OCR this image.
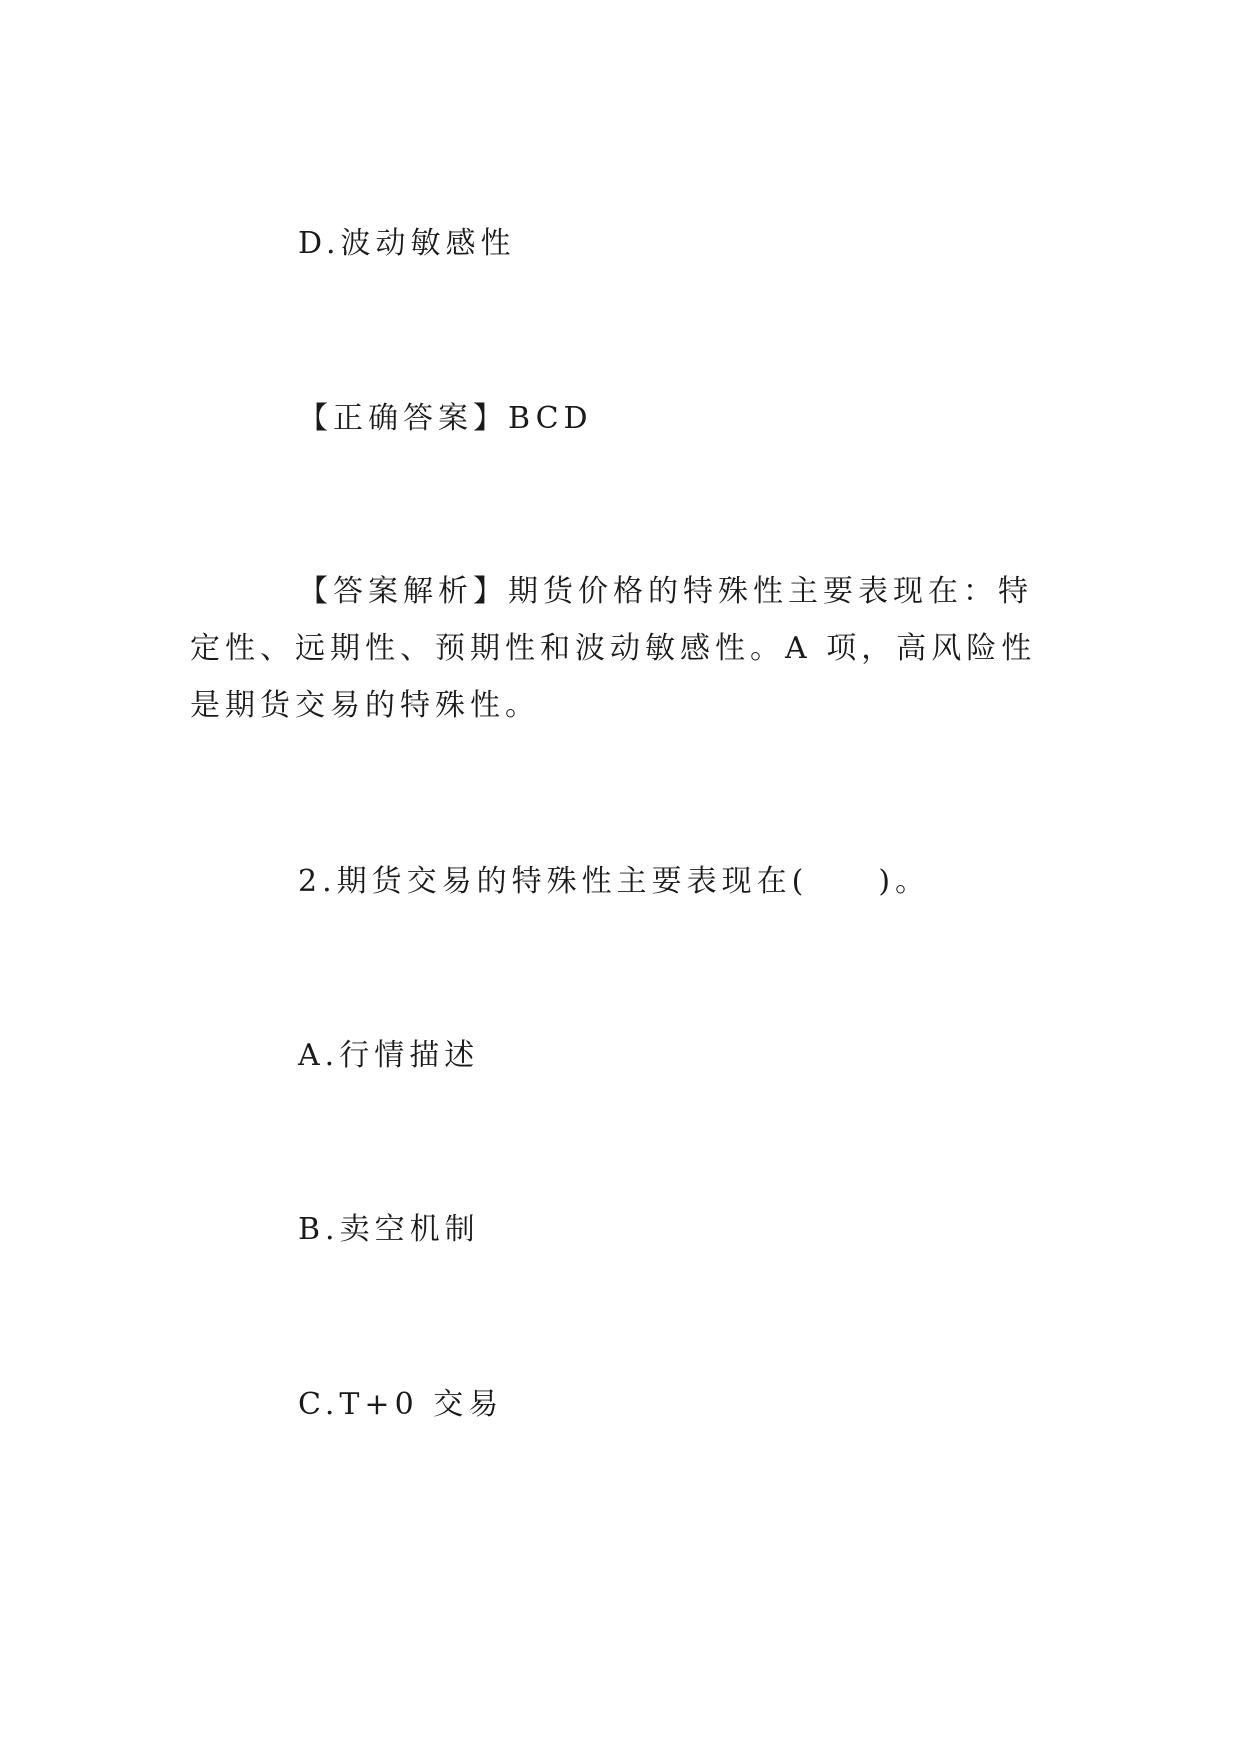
D.波动敏感性
【正确答案】BCD
【答案解析】期货价格的特殊性主要表现在：特定性、远期性、预期性和波动敏感性。A 项，高风险性是期货交易的特殊性。
2.期货交易的特殊性主要表现在(　　)。
A.行情描述
B.卖空机制
C.T+0 交易
